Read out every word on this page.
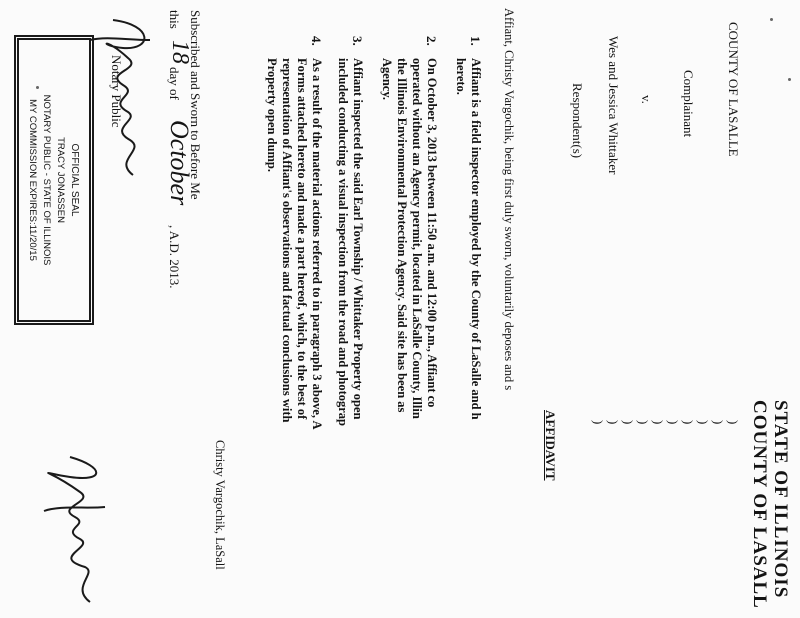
STATE OF ILLINOIS
COUNTY OF LASALL
COUNTY OF LASALLE
Complainant
v.
Wes and Jessica Whittaker
Respondent(s)
)
)
)
)
)
)
)
)
)
)
AFFIDAVIT
Affiant, Christy Vargochik, being first duly sworn, voluntarily deposes and s
1.
Affiant is a field inspector employed by the County of LaSalle and h
hereto.
2.
On October 3, 2013 between 11:50 a.m. and 12:00 p.m., Affiant co
operated without an Agency permit, located in LaSalle County, Illin
the Illinois Environmental Protection Agency. Said site has been as
Agency.
3.
Affiant inspected the said Earl Township / Whittaker Property open
included conducting a visual inspection from the road and photograp
4.
As a result of the material actions referred to in paragraph 3 above, A
Forms attached hereto and made a part hereof, which, to the best of
representation of Affiant's observations and factual conclusions with
Property open dump.
Christy Vargochik, LaSall
Subscribed and Sworn to Before Me
this
18
day of
October
, A.D. 2013.
Notary Public
OFFICIAL SEAL
TRACY JONASSEN
NOTARY PUBLIC - STATE OF ILLINOIS
MY COMMISSION EXPIRES:11/20/15
